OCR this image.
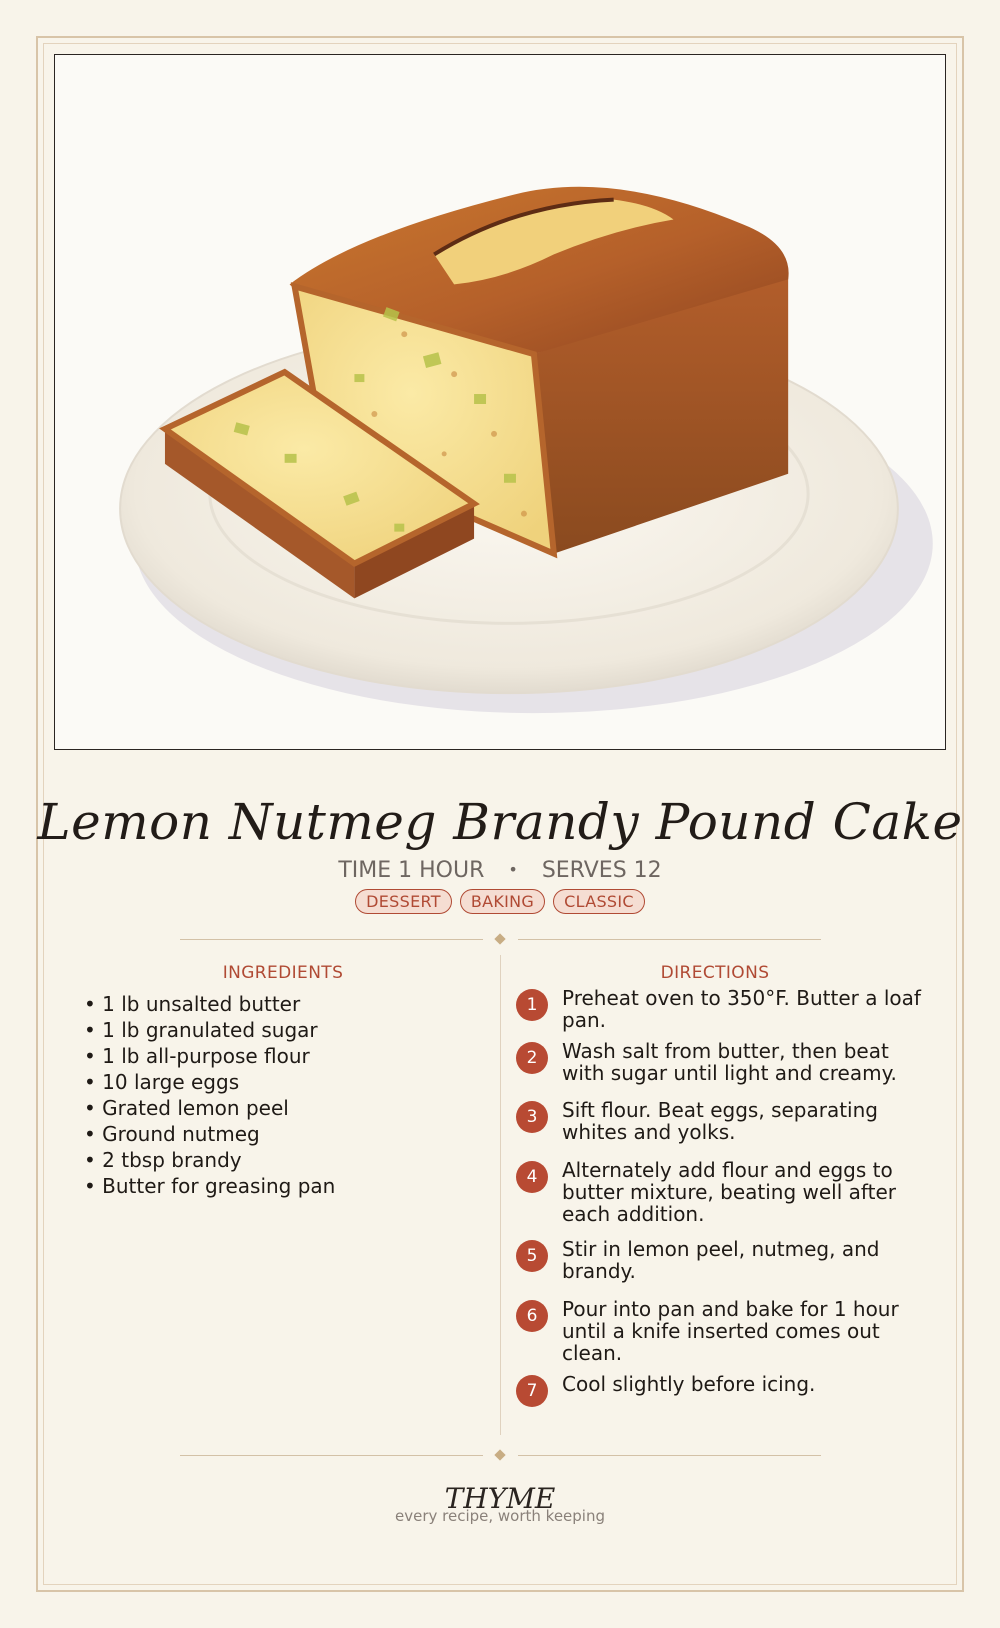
Lemon Nutmeg Brandy Pound Cake
TIME 1 HOUR • SERVES 12
DESSERT BAKING CLASSIC
INGREDIENTS
• 1 lb unsalted butter
• 1 lb granulated sugar
• 1 lb all-purpose flour
• 10 large eggs
• Grated lemon peel
• Ground nutmeg
• 2 tbsp brandy
• Butter for greasing pan
DIRECTIONS
1	Preheat oven to 350°F. Butter a loaf pan.
2	Wash salt from butter, then beat with sugar until light and creamy.
3	Sift flour. Beat eggs, separating whites and yolks.
4	Alternately add flour and eggs to butter mixture, beating well after each addition.
5	Stir in lemon peel, nutmeg, and brandy.
6	Pour into pan and bake for 1 hour until a knife inserted comes out clean.
7	Cool slightly before icing.
THYME
every recipe, worth keeping
